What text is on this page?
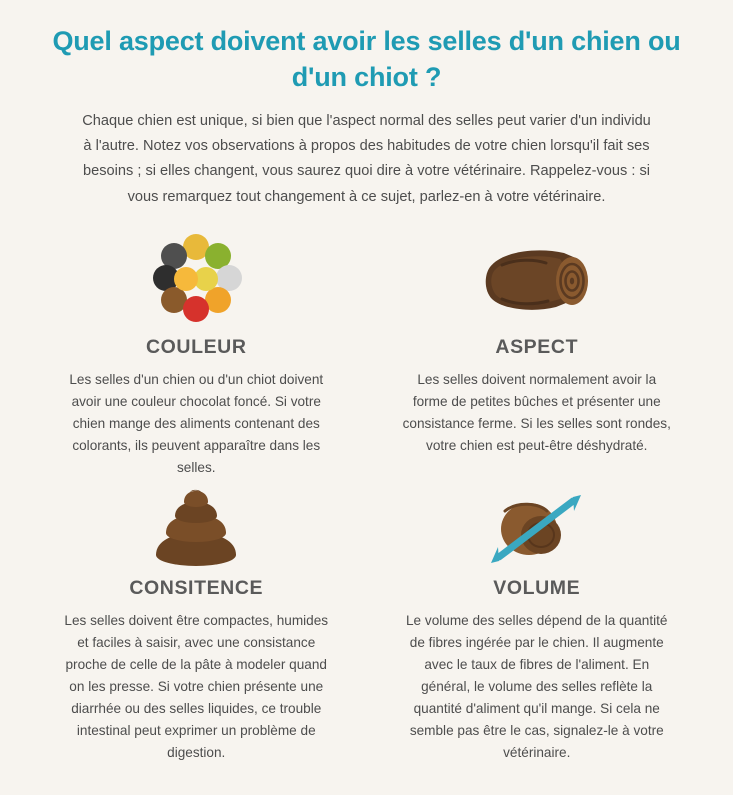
Quel aspect doivent avoir les selles d'un chien ou d'un chiot ?

Chaque chien est unique, si bien que l'aspect normal des selles peut varier d'un individu à l'autre. Notez vos observations à propos des habitudes de votre chien lorsqu'il fait ses besoins ; si elles changent, vous saurez quoi dire à votre vétérinaire. Rappelez-vous : si vous remarquez tout changement à ce sujet, parlez-en à votre vétérinaire.

COULEUR
Les selles d'un chien ou d'un chiot doivent avoir une couleur chocolat foncé. Si votre chien mange des aliments contenant des colorants, ils peuvent apparaître dans les selles.
ASPECT
Les selles doivent normalement avoir la forme de petites bûches et présenter une consistance ferme. Si les selles sont rondes, votre chien est peut-être déshydraté.
CONSITENCE
Les selles doivent être compactes, humides et faciles à saisir, avec une consistance proche de celle de la pâte à modeler quand on les presse. Si votre chien présente une diarrhée ou des selles liquides, ce trouble intestinal peut exprimer un problème de digestion.
VOLUME
Le volume des selles dépend de la quantité de fibres ingérée par le chien. Il augmente avec le taux de fibres de l'aliment. En général, le volume des selles reflète la quantité d'aliment qu'il mange. Si cela ne semble pas être le cas, signalez-le à votre vétérinaire.
